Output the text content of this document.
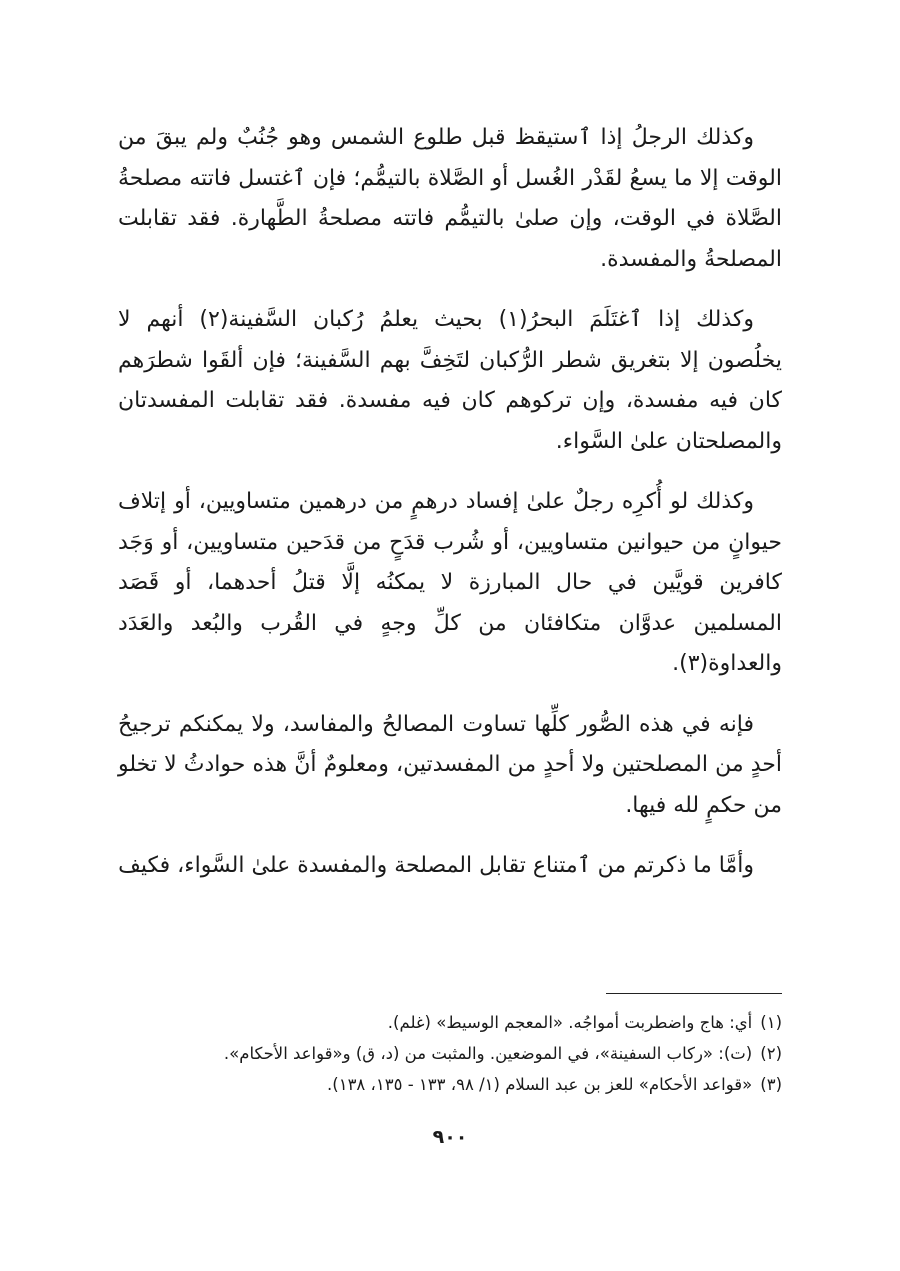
وكذلك الرجلُ إذا ٱستيقظ قبل طلوع الشمس وهو جُنُبٌ ولم يبقَ من الوقت إلا ما يسعُ لقَدْر الغُسل أو الصَّلاة بالتيمُّم؛ فإن ٱغتسل فاتته مصلحةُ الصَّلاة في الوقت، وإن صلىٰ بالتيمُّم فاتته مصلحةُ الطَّهارة. فقد تقابلت المصلحةُ والمفسدة.

وكذلك إذا ٱغتَلَمَ البحرُ(١) بحيث يعلمُ رُكبان السَّفينة(٢) أنهم لا يخلُصون إلا بتغريق شطر الرُّكبان لتَخِفَّ بهم السَّفينة؛ فإن ألقَوا شطرَهم كان فيه مفسدة، وإن تركوهم كان فيه مفسدة. فقد تقابلت المفسدتان والمصلحتان علىٰ السَّواء.

وكذلك لو أُكرِه رجلٌ علىٰ إفساد درهمٍ من درهمين متساويين، أو إتلاف حيوانٍ من حيوانين متساويين، أو شُرب قدَحٍ من قدَحين متساويين، أو وَجَد كافرين قويَّين في حال المبارزة لا يمكنُه إلَّا قتلُ أحدهما، أو قَصَد المسلمين عدوَّان متكافئان من كلِّ وجهٍ في القُرب والبُعد والعَدَد والعداوة(٣).

فإنه في هذه الصُّور كلِّها تساوت المصالحُ والمفاسد، ولا يمكنكم ترجيحُ أحدٍ من المصلحتين ولا أحدٍ من المفسدتين، ومعلومٌ أنَّ هذه حوادثُ لا تخلو من حكمٍ لله فيها.

وأمَّا ما ذكرتم من ٱمتناع تقابل المصلحة والمفسدة علىٰ السَّواء، فكيف

(١)أي: هاج واضطربت أمواجُه. «المعجم الوسيط» (غلم).

(٢)(ت): «ركاب السفينة»، في الموضعين. والمثبت من (د، ق) و«قواعد الأحكام».

(٣)«قواعد الأحكام» للعز بن عبد السلام (١/ ٩٨، ١٣٣ - ١٣٥، ١٣٨).

٩٠٠
